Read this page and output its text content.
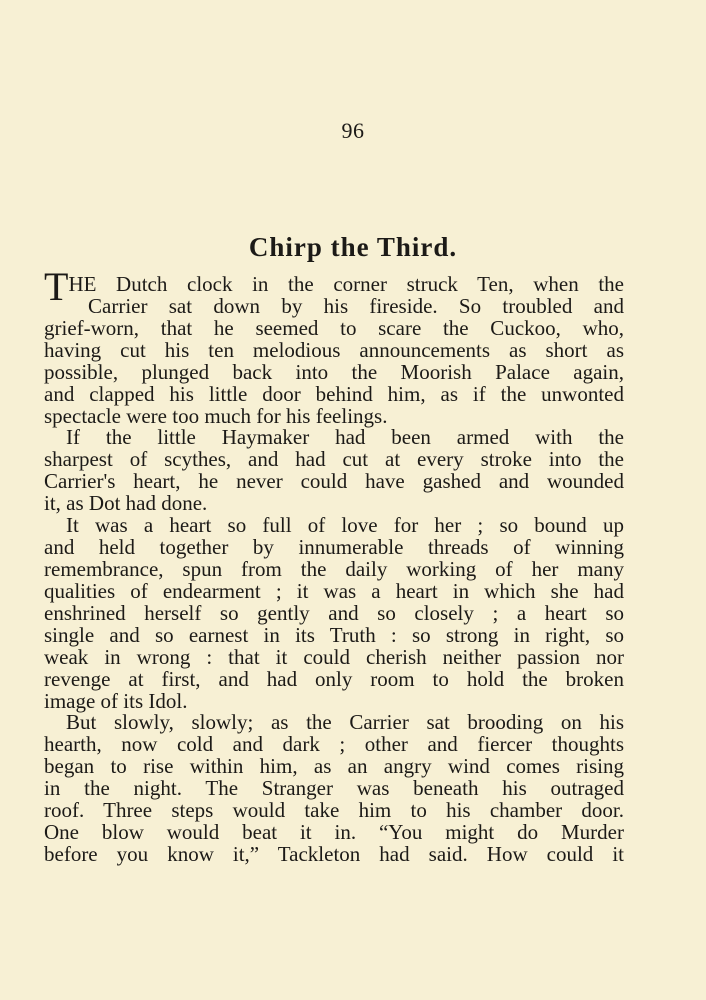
96
Chirp the Third.
THE Dutch clock in the corner struck Ten, when the
Carrier sat down by his fireside. So troubled and
grief-worn, that he seemed to scare the Cuckoo, who,
having cut his ten melodious announcements as short as
possible, plunged back into the Moorish Palace again,
and clapped his little door behind him, as if the unwonted
spectacle were too much for his feelings.
If the little Haymaker had been armed with the
sharpest of scythes, and had cut at every stroke into the
Carrier's heart, he never could have gashed and wounded
it, as Dot had done.
It was a heart so full of love for her ; so bound up
and held together by innumerable threads of winning
remembrance, spun from the daily working of her many
qualities of endearment ; it was a heart in which she had
enshrined herself so gently and so closely ; a heart so
single and so earnest in its Truth : so strong in right, so
weak in wrong : that it could cherish neither passion nor
revenge at first, and had only room to hold the broken
image of its Idol.
But slowly, slowly; as the Carrier sat brooding on his
hearth, now cold and dark ; other and fiercer thoughts
began to rise within him, as an angry wind comes rising
in the night. The Stranger was beneath his outraged
roof. Three steps would take him to his chamber door.
One blow would beat it in. “You might do Murder
before you know it,” Tackleton had said. How could it
